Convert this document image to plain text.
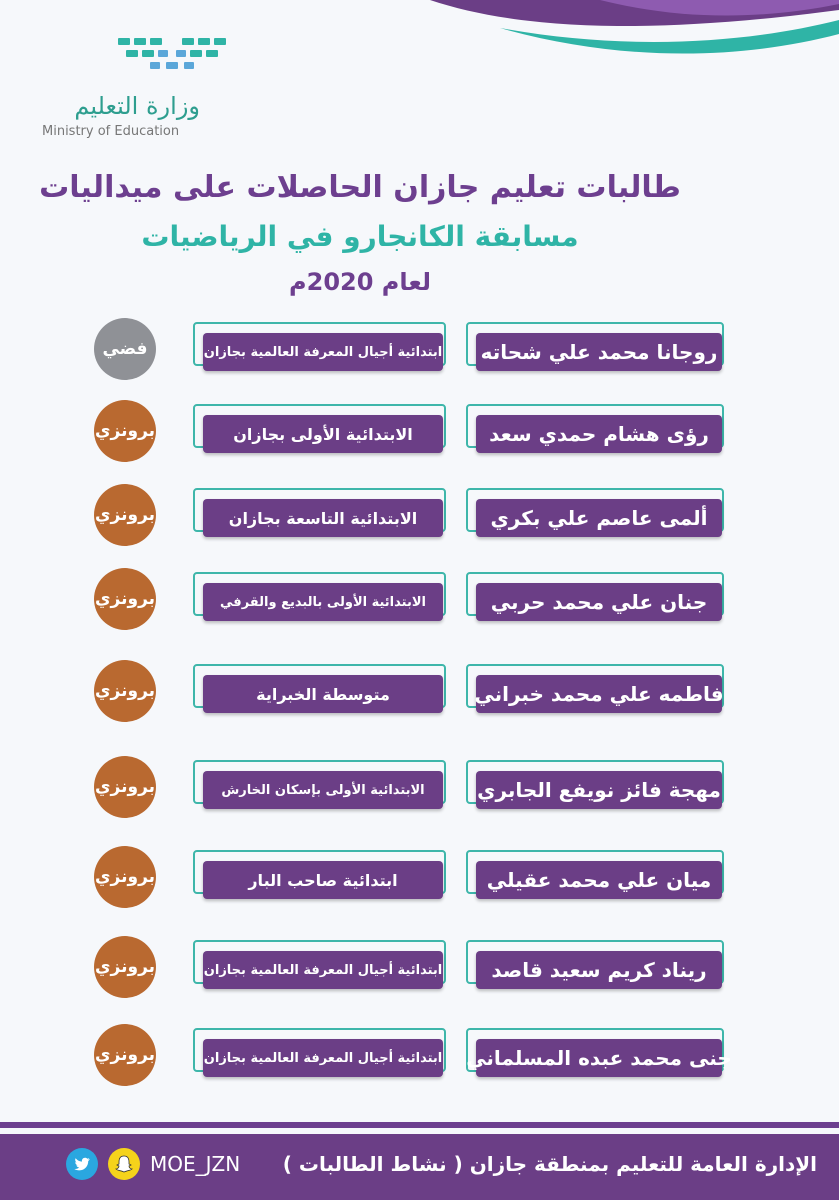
وزارة التعليم
Ministry of Education
طالبات تعليم جازان الحاصلات على ميداليات
مسابقة الكانجارو في الرياضيات
لعام 2020م
روجانا محمد علي شحاته
ابتدائية أجيال المعرفة العالمية بجازان
فضي
رؤى هشام حمدي سعد
الابتدائية الأولى بجازان
برونزي
ألمى عاصم علي بكري
الابتدائية التاسعة بجازان
برونزي
جنان علي محمد حربي
الابتدائية الأولى بالبديع والقرفي
برونزي
فاطمه علي محمد خبراني
متوسطة الخبراية
برونزي
مهجة فائز نويفع الجابري
الابتدائية الأولى بإسكان الخارش
برونزي
ميان علي محمد عقيلي
ابتدائية صاحب البار
برونزي
ريناد كريم سعيد قاصد
ابتدائية أجيال المعرفة العالمية بجازان
برونزي
جنى محمد عبده المسلماني
ابتدائية أجيال المعرفة العالمية بجازان
برونزي
الإدارة العامة للتعليم بمنطقة جازان ( نشاط الطالبات )
MOE_JZN
